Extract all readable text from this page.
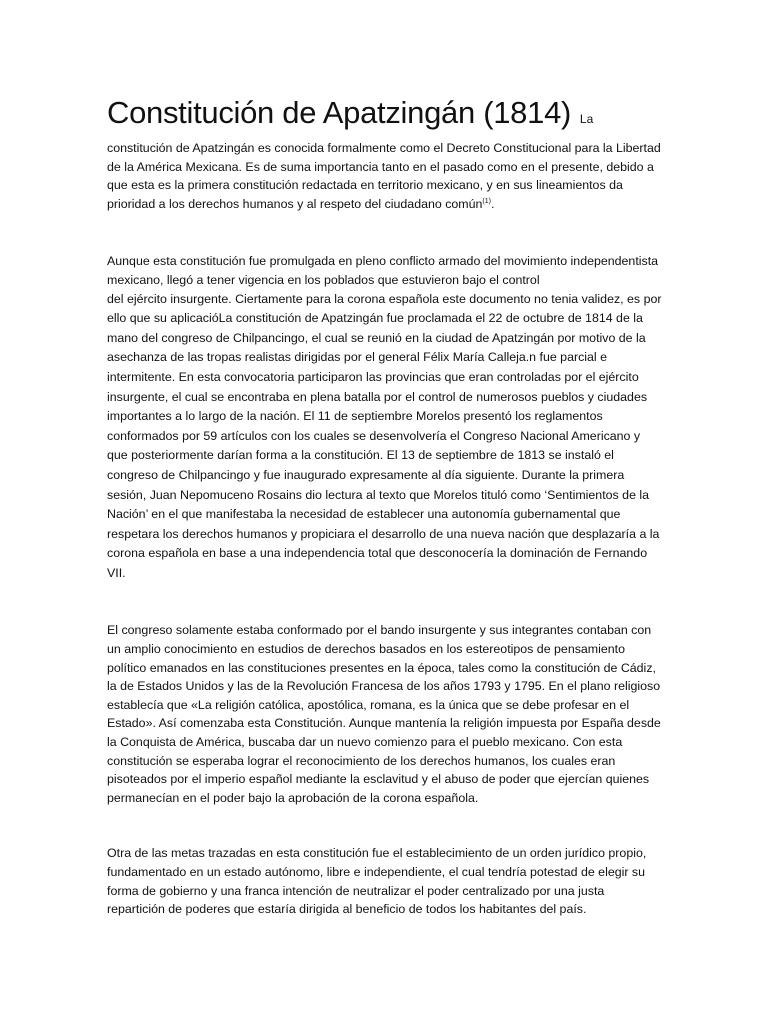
Constitución de Apatzingán (1814) La

constitución de Apatzingán es conocida formalmente como el Decreto Constitucional para la Libertad de la América Mexicana. Es de suma importancia tanto en el pasado como en el presente, debido a que esta es la primera constitución redactada en territorio mexicano, y en sus lineamientos da prioridad a los derechos humanos y al respeto del ciudadano común$^{(1)}$.

Aunque esta constitución fue promulgada en pleno conflicto armado del movimiento independentista mexicano, llegó a tener vigencia en los poblados que estuvieron bajo el control

del ejército insurgente. Ciertamente para la corona española este documento no tenia validez, es por ello que su aplicacióLa constitución de Apatzingán fue proclamada el 22 de octubre de 1814 de la mano del congreso de Chilpancingo, el cual se reunió en la ciudad de Apatzingán por motivo de la asechanza de las tropas realistas dirigidas por el general Félix María Calleja.n fue parcial e intermitente. En esta convocatoria participaron las provincias que eran controladas por el ejército insurgente, el cual se encontraba en plena batalla por el control de numerosos pueblos y ciudades importantes a lo largo de la nación. El 11 de septiembre Morelos presentó los reglamentos conformados por 59 artículos con los cuales se desenvolvería el Congreso Nacional Americano y que posteriormente darían forma a la constitución. El 13 de septiembre de 1813 se instaló el congreso de Chilpancingo y fue inaugurado expresamente al día siguiente. Durante la primera sesión, Juan Nepomuceno Rosains dio lectura al texto que Morelos tituló como ‘Sentimientos de la Nación’ en el que manifestaba la necesidad de establecer una autonomía gubernamental que respetara los derechos humanos y propiciara el desarrollo de una nueva nación que desplazaría a la corona española en base a una independencia total que desconocería la dominación de Fernando VII.

El congreso solamente estaba conformado por el bando insurgente y sus integrantes contaban con un amplio conocimiento en estudios de derechos basados en los estereotipos de pensamiento político emanados en las constituciones presentes en la época, tales como la constitución de Cádiz, la de Estados Unidos y las de la Revolución Francesa de los años 1793 y 1795. En el plano religioso establecía que «La religión católica, apostólica, romana, es la única que se debe profesar en el Estado». Así comenzaba esta Constitución. Aunque mantenía la religión impuesta por España desde la Conquista de América, buscaba dar un nuevo comienzo para el pueblo mexicano. Con esta constitución se esperaba lograr el reconocimiento de los derechos humanos, los cuales eran pisoteados por el imperio español mediante la esclavitud y el abuso de poder que ejercían quienes permanecían en el poder bajo la aprobación de la corona española.

Otra de las metas trazadas en esta constitución fue el establecimiento de un orden jurídico propio, fundamentado en un estado autónomo, libre e independiente, el cual tendría potestad de elegir su forma de gobierno y una franca intención de neutralizar el poder centralizado por una justa repartición de poderes que estaría dirigida al beneficio de todos los habitantes del país.
